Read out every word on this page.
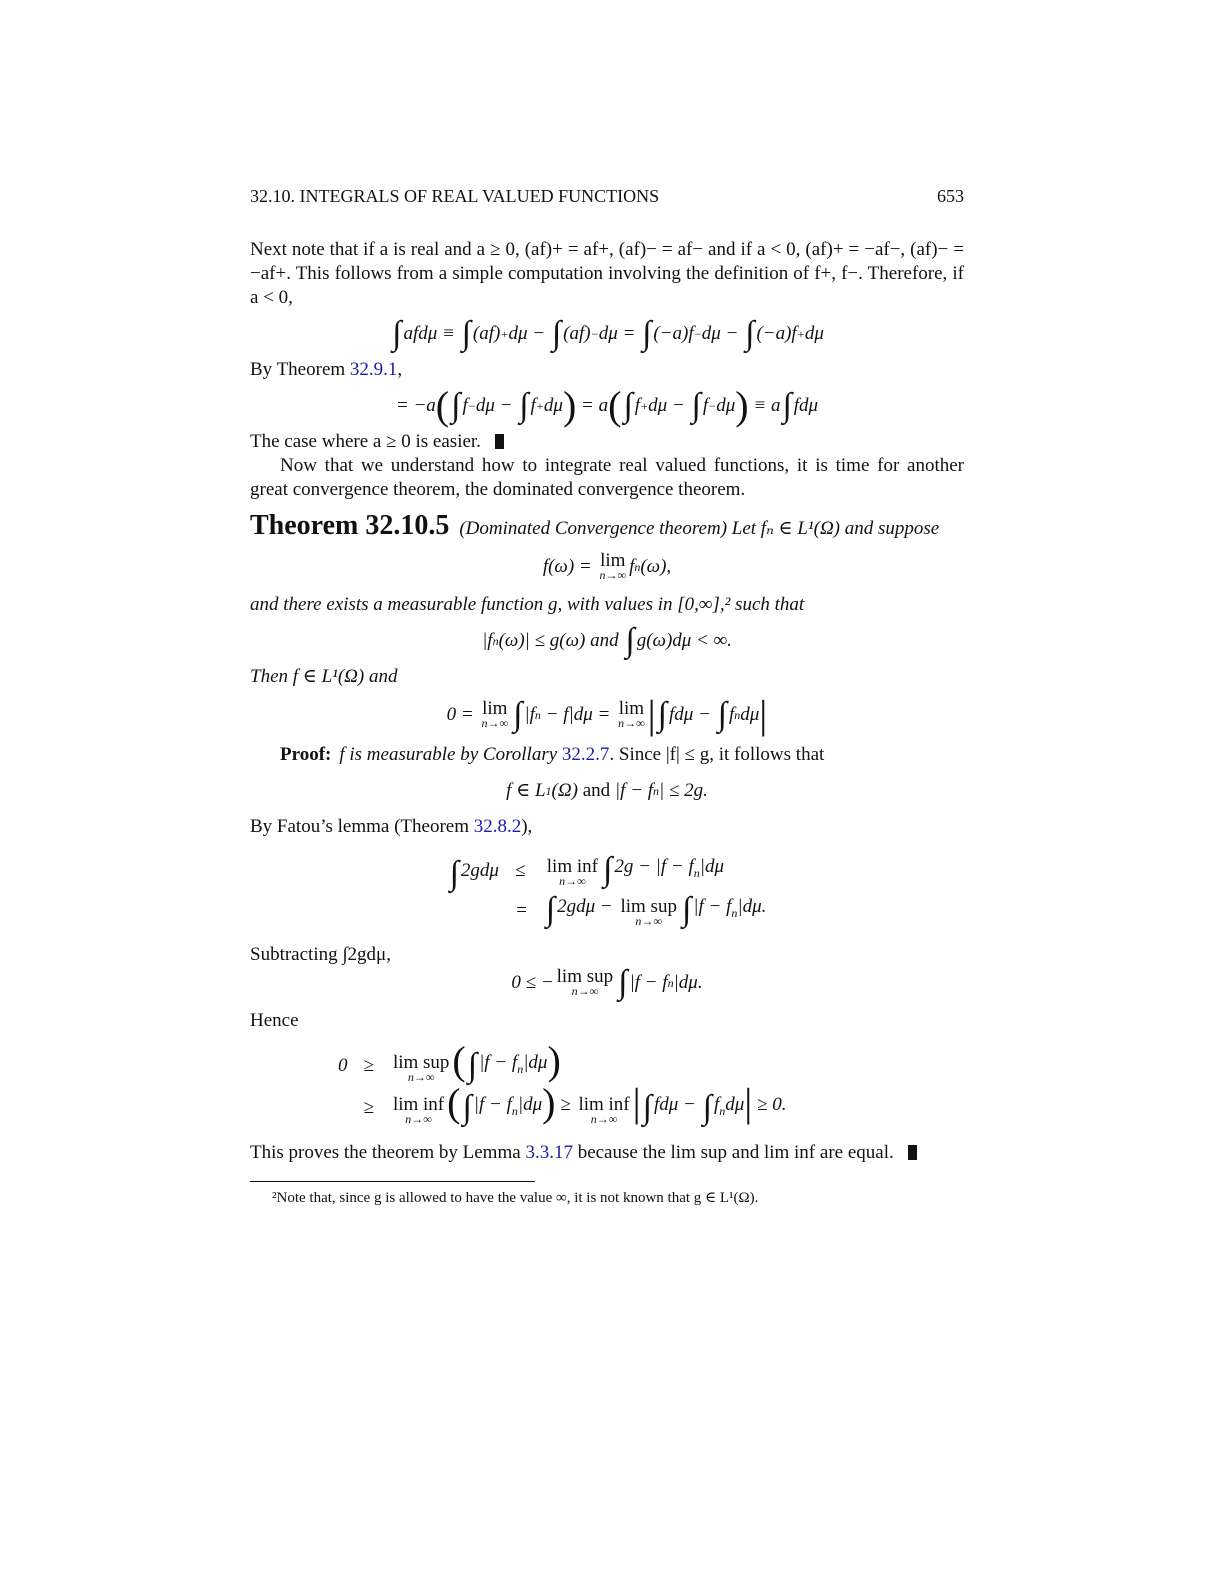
32.10. INTEGRALS OF REAL VALUED FUNCTIONS	653

Next note that if a is real and a ≥ 0, (af)+ = af+, (af)− = af− and if a < 0, (af)+ = −af−, (af)− = −af+. This follows from a simple computation involving the definition of f+, f−. Therefore, if a < 0,

∫ afdμ ≡ ∫ (af) + dμ − ∫ (af) − dμ = ∫ (−a)f − dμ − ∫ (−a)f + dμ

By Theorem 32.9.1,

= −a ( ∫ f − dμ − ∫ f + dμ ) = a ( ∫ f + dμ − ∫ f − dμ ) ≡ a ∫ fdμ

The case where a ≥ 0 is easier.

Now that we understand how to integrate real valued functions, it is time for another great convergence theorem, the dominated convergence theorem.

Theorem 32.10.5 (Dominated Convergence theorem) Let fₙ ∈ L¹(Ω) and suppose
f(ω) = lim
n→∞ f n (ω),

and there exists a measurable function g, with values in [0,∞],² such that

|f n (ω)| ≤ g(ω) and ∫ g(ω)dμ < ∞.

Then f ∈ L¹(Ω) and

0 = lim
n→∞ ∫ |f n − f|dμ = lim
n→∞ | ∫ fdμ − ∫ f n dμ |

Proof: f is measurable by Corollary 32.2.7. Since |f| ≤ g, it follows that

f ∈ L 1 (Ω) and |f − f n | ≤ 2g.

By Fatou’s lemma (Theorem 32.8.2),

∫ 2gdμ	≤	lim inf
n→∞ ∫ $2g - |f - f_n|d\mu$
	=	∫ 2gdμ − lim sup
n→∞ ∫ $|f - f_n|d\mu$.

Subtracting ∫2gdμ,

0 ≤ − lim sup
n→∞ ∫ |f − f n |dμ.

Hence

0	≥	lim sup
n→∞ (∫ $|f - f_n|d\mu$)
	≥	lim inf
n→∞ (∫ $|f - f_n|d\mu) \ge \lim$ inf
n→∞ |∫ fdμ − ∫ $f_nd\mu| \ge 0$.

This proves the theorem by Lemma 3.3.17 because the lim sup and lim inf are equal.

²Note that, since g is allowed to have the value ∞, it is not known that g ∈ L¹(Ω).
